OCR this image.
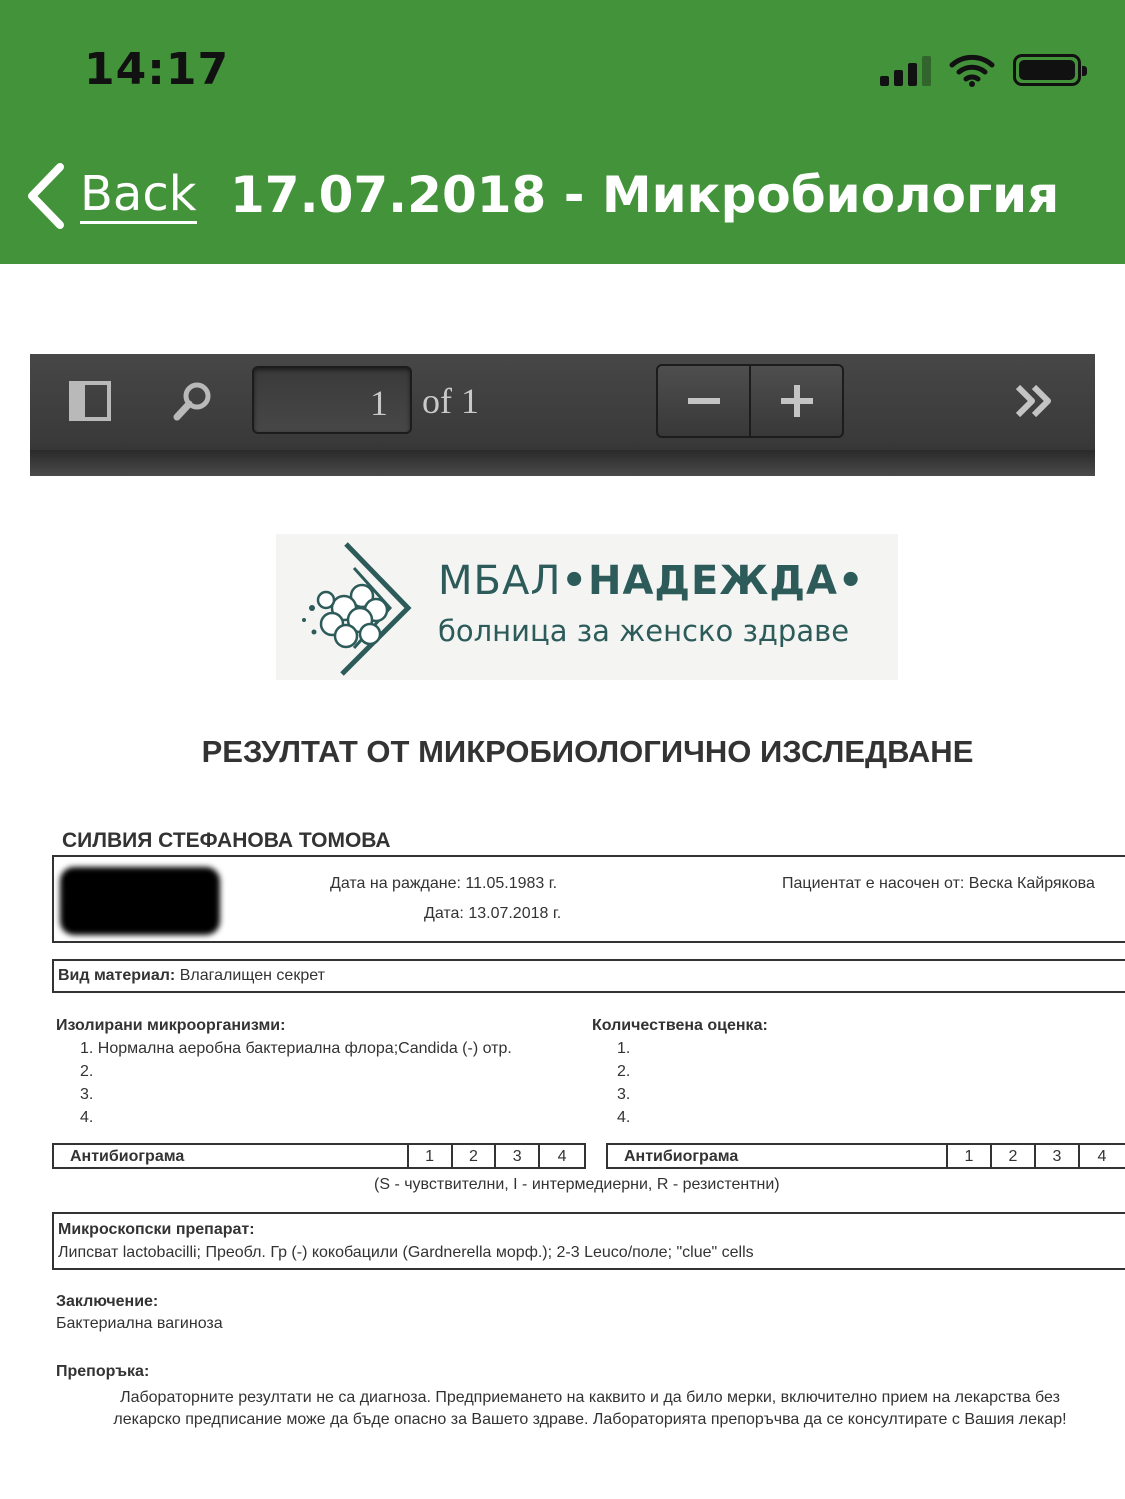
14:17
Back 17.07.2018 - Микробиология
1 of 1
МБАЛ•НАДЕЖДА•
болница за женско здраве
РЕЗУЛТАТ ОТ МИКРОБИОЛОГИЧНО ИЗСЛЕДВАНЕ
СИЛВИЯ СТЕФАНОВА ТОМОВА
Дата на раждане: 11.05.1983 г.
Дата: 13.07.2018 г.
Пациентат е насочен от: Веска Кайрякова
Вид материал: Влагалищен секрет
Изолирани микроорганизми:
1. Нормална аеробна бактериална флора;Candida (-) отр.
2.
3.
4.
Количествена оценка:
1.
2.
3.
4.
Антибиограма	1	2	3	4	Антибиограма	1	2	3	4
(S - чувствителни, I - интермедиерни, R - резистентни)
Микроскопски препарат:
Липсват lactobacilli; Преобл. Гр (-) кокобацили (Gardnerella морф.); 2-3 Leuco/поле; "clue" cells
Заключение:
Бактериална вагиноза
Препоръка:
Лабораторните резултати не са диагноза. Предприемането на каквито и да било мерки, включително прием на лекарства без
лекарско предписание може да бъде опасно за Вашето здраве. Лабораторията препоръчва да се консултирате с Вашия лекар!
